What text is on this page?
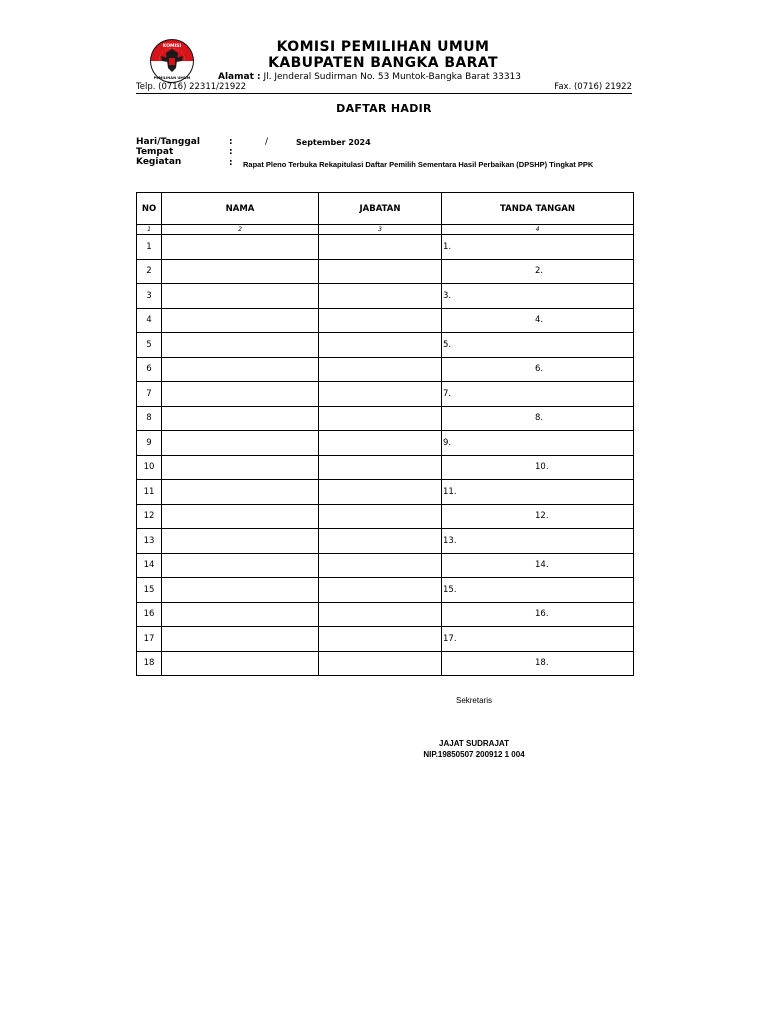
KOMISI
PEMILIHAN UMUM
KOMISI PEMILIHAN UMUM
KABUPATEN BANGKA BARAT
Alamat : Jl. Jenderal Sudirman No. 53 Muntok-Bangka Barat 33313
Telp. (0716) 22311/21922	Fax. (0716) 21922
DAFTAR HADIR
Hari/Tanggal	:	/	September 2024
Tempat	:
Kegiatan	: Rapat Pleno Terbuka Rekapitulasi Daftar Pemilih Sementara Hasil Perbaikan (DPSHP) Tingkat PPK
NO	NAMA	JABATAN	TANDA TANGAN
1	2	3	4
1			1.
2			2.
3			3.
4			4.
5			5.
6			6.
7			7.
8			8.
9			9.
10			10.
11			11.
12			12.
13			13.
14			14.
15			15.
16			16.
17			17.
18			18.
Sekretaris
JAJAT SUDRAJAT
NIP.19850507 200912 1 004
